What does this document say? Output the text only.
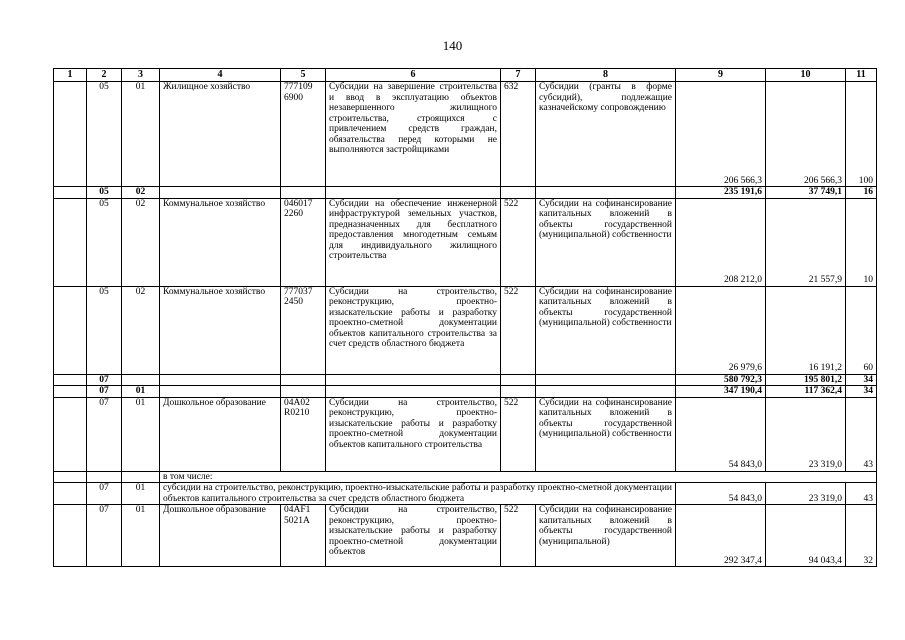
140
1	2	3	4	5	6	7	8	9	10	11
	05	01	Жилищное хозяйство	777109 6900	Субсидии на завершение строительства и ввод в эксплуатацию объектов незавершенного жилищного строительства, строящихся с привлечением средств граждан, обязательства перед которыми не выполняются застройщиками	632	Субсидии (гранты в форме субсидий), подлежащие казначейскому сопровождению	206 566,3	206 566,3	100
	05	02						235 191,6	37 749,1	16
	05	02	Коммунальное хозяйство	046017 2260	Субсидии на обеспечение инженерной инфраструктурой земельных участков, предназначенных для бесплатного предоставления многодетным семьям для индивидуального жилищного строительства	522	Субсидии на софинансирование капитальных вложений в объекты государственной (муниципальной) собственности	208 212,0	21 557,9	10
	05	02	Коммунальное хозяйство	777037 2450	Субсидии на строительство, реконструкцию, проектно-изыскательские работы и разработку проектно-сметной документации объектов капитального строительства за счет средств областного бюджета	522	Субсидии на софинансирование капитальных вложений в объекты государственной (муниципальной) собственности	26 979,6	16 191,2	60
	07							580 792,3	195 801,2	34
	07	01						347 190,4	117 362,4	34
	07	01	Дошкольное образование	04A02 R0210	Субсидии на строительство, реконструкцию, проектно-изыскательские работы и разработку проектно-сметной документации объектов капитального строительства	522	Субсидии на софинансирование капитальных вложений в объекты государственной (муниципальной) собственности	54 843,0	23 319,0	43
			в том числе:							
	07	01	субсидии на строительство, реконструкцию, проектно-изыскательские работы и разработку проектно-сметной документации объектов капитального строительства за счет средств областного бюджета					54 843,0	23 319,0	43
	07	01	Дошкольное образование	04AF1 5021A	Субсидии на строительство, реконструкцию, проектно-изыскательские работы и разработку проектно-сметной документации объектов	522	Субсидии на софинансирование капитальных вложений в объекты государственной (муниципальной)	292 347,4	94 043,4	32
